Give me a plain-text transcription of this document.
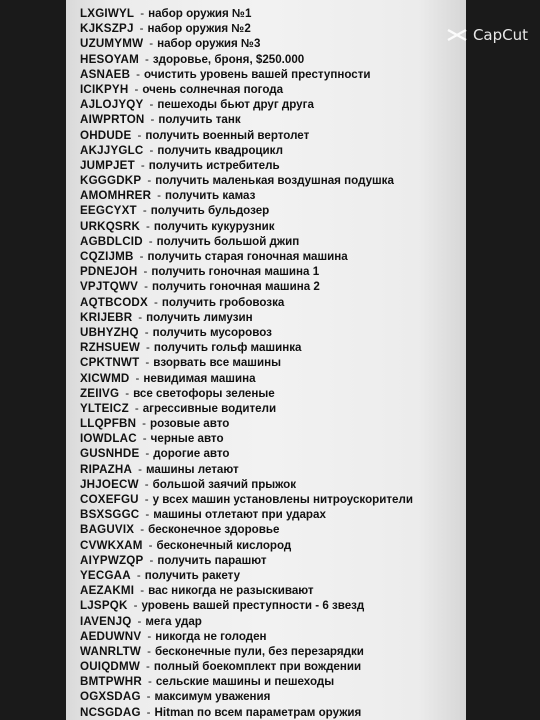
LXGIWYL - набор оружия №1
KJKSZPJ - набор оружия №2
UZUMYMW - набор оружия №3
HESOYAM - здоровье, броня, $250.000
ASNAEB - очистить уровень вашей преступности
ICIKPYH - очень солнечная погода
AJLOJYQY - пешеходы бьют друг друга
AIWPRTON - получить танк
OHDUDE - получить военный вертолет
AKJJYGLC - получить квадроцикл
JUMPJET - получить истребитель
KGGGDKP - получить маленькая воздушная подушка
AMOMHRER - получить камаз
EEGCYXT - получить бульдозер
URKQSRK - получить кукурузник
AGBDLCID - получить большой джип
CQZIJMB - получить старая гоночная машина
PDNEJOH - получить гоночная машина 1
VPJTQWV - получить гоночная машина 2
AQTBCODX - получить гробовозка
KRIJEBR - получить лимузин
UBHYZHQ - получить мусоровоз
RZHSUEW - получить гольф машинка
CPKTNWT - взорвать все машины
XICWMD - невидимая машина
ZEIIVG - все светофоры зеленые
YLTEICZ - агрессивные водители
LLQPFBN - розовые авто
IOWDLAC - черные авто
GUSNHDE - дорогие авто
RIPAZHA - машины летают
JHJOECW - большой заячий прыжок
COXEFGU - у всех машин установлены нитроускорители
BSXSGGC - машины отлетают при ударах
BAGUVIX - бесконечное здоровье
CVWKXAM - бесконечный кислород
AIYPWZQP - получить парашют
YECGAA - получить ракету
AEZAKMI - вас никогда не разыскивают
LJSPQK - уровень вашей преступности - 6 звезд
IAVENJQ - мега удар
AEDUWNV - никогда не голоден
WANRLTW - бесконечные пули, без перезарядки
OUIQDMW - полный боекомплект при вождении
BMTPWHR - сельские машины и пешеходы
OGXSDAG - максимум уважения
NCSGDAG - Hitman по всем параметрам оружия
CapCut
